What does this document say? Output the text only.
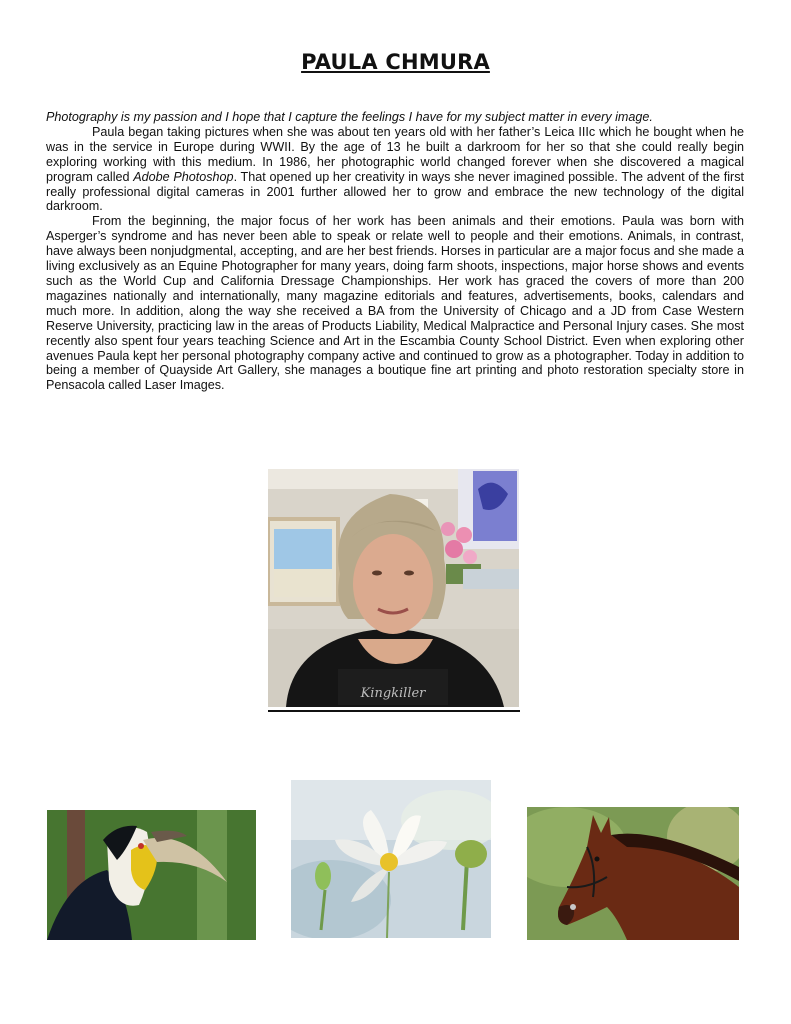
PAULA CHMURA

Photography is my passion and I hope that I capture the feelings I have for my subject matter in every image.

Paula began taking pictures when she was about ten years old with her father’s Leica IIIc which he bought when he was in the service in Europe during WWII. By the age of 13 he built a darkroom for her so that she could really begin exploring working with this medium. In 1986, her photographic world changed forever when she discovered a magical program called Adobe Photoshop. That opened up her creativity in ways she never imagined possible. The advent of the first really professional digital cameras in 2001 further allowed her to grow and embrace the new technology of the digital darkroom.

From the beginning, the major focus of her work has been animals and their emotions. Paula was born with Asperger’s syndrome and has never been able to speak or relate well to people and their emotions. Animals, in contrast, have always been nonjudgmental, accepting, and are her best friends. Horses in particular are a major focus and she made a living exclusively as an Equine Photographer for many years, doing farm shoots, inspections, major horse shows and events such as the World Cup and California Dressage Championships. Her work has graced the covers of more than 200 magazines nationally and internationally, many magazine editorials and features, advertisements, books, calendars and much more. In addition, along the way she received a BA from the University of Chicago and a JD from Case Western Reserve University, practicing law in the areas of Products Liability, Medical Malpractice and Personal Injury cases. She most recently also spent four years teaching Science and Art in the Escambia County School District. Even when exploring other avenues Paula kept her personal photography company active and continued to grow as a photographer. Today in addition to being a member of Quayside Art Gallery, she manages a boutique fine art printing and photo restoration specialty store in Pensacola called Laser Images.

Kingkiller
